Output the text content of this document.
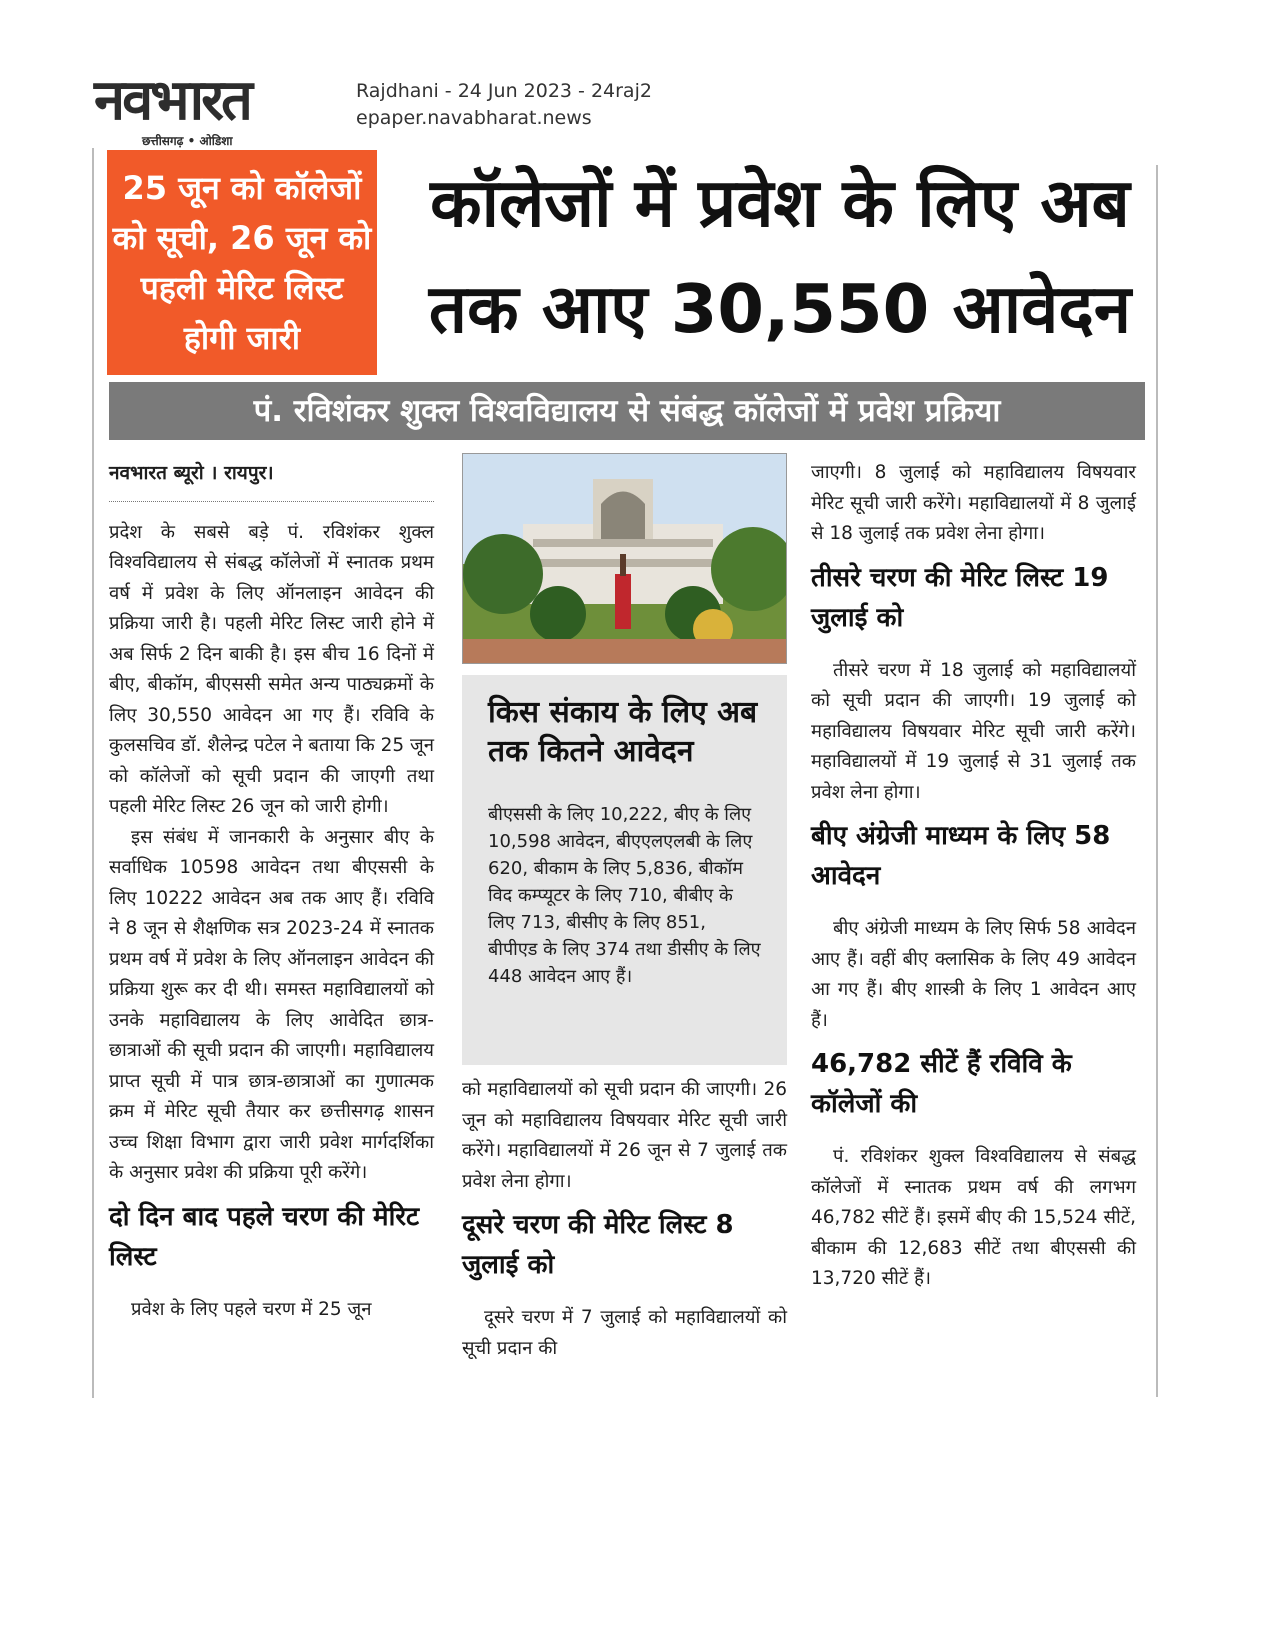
नवभारत
छत्तीसगढ़ • ओडिशा
Rajdhani - 24 Jun 2023 - 24raj2
epaper.navabharat.news
25 जून को कॉलेजों को सूची, 26 जून को पहली मेरिट लिस्ट होगी जारी
कॉलेजों में प्रवेश के लिए अब
तक आए 30,550 आवेदन
पं. रविशंकर शुक्ल विश्वविद्यालय से संबंद्ध कॉलेजों में प्रवेश प्रक्रिया

नवभारत ब्यूरो । रायपुर।

प्रदेश के सबसे बड़े पं. रविशंकर शुक्ल विश्वविद्यालय से संबद्ध कॉलेजों में स्नातक प्रथम वर्ष में प्रवेश के लिए ऑनलाइन आवेदन की प्रक्रिया जारी है। पहली मेरिट लिस्ट जारी होने में अब सिर्फ 2 दिन बाकी है। इस बीच 16 दिनों में बीए, बीकॉम, बीएससी समेत अन्य पाठ्यक्रमों के लिए 30,550 आवेदन आ गए हैं। रविवि के कुलसचिव डॉ. शैलेन्द्र पटेल ने बताया कि 25 जून को कॉलेजों को सूची प्रदान की जाएगी तथा पहली मेरिट लिस्ट 26 जून को जारी होगी।

इस संबंध में जानकारी के अनुसार बीए के सर्वाधिक 10598 आवेदन तथा बीएससी के लिए 10222 आवेदन अब तक आए हैं। रविवि ने 8 जून से शैक्षणिक सत्र 2023-24 में स्नातक प्रथम वर्ष में प्रवेश के लिए ऑनलाइन आवेदन की प्रक्रिया शुरू कर दी थी। समस्त महाविद्यालयों को उनके महाविद्यालय के लिए आवेदित छात्र-छात्राओं की सूची प्रदान की जाएगी। महाविद्यालय प्राप्त सूची में पात्र छात्र-छात्राओं का गुणात्मक क्रम में मेरिट सूची तैयार कर छत्तीसगढ़ शासन उच्च शिक्षा विभाग द्वारा जारी प्रवेश मार्गदर्शिका के अनुसार प्रवेश की प्रक्रिया पूरी करेंगे।

दो दिन बाद पहले चरण की मेरिट लिस्ट

प्रवेश के लिए पहले चरण में 25 जून

किस संकाय के लिए अब तक कितने आवेदन
बीएससी के लिए 10,222, बीए के लिए 10,598 आवेदन, बीएएलएलबी के लिए 620, बीकाम के लिए 5,836, बीकॉम विद कम्प्यूटर के लिए 710, बीबीए के लिए 713, बीसीए के लिए 851, बीपीएड के लिए 374 तथा डीसीए के लिए 448 आवेदन आए हैं।

को महाविद्यालयों को सूची प्रदान की जाएगी। 26 जून को महाविद्यालय विषयवार मेरिट सूची जारी करेंगे। महाविद्यालयों में 26 जून से 7 जुलाई तक प्रवेश लेना होगा।

दूसरे चरण की मेरिट लिस्ट 8 जुलाई को

दूसरे चरण में 7 जुलाई को महाविद्यालयों को सूची प्रदान की

जाएगी। 8 जुलाई को महाविद्यालय विषयवार मेरिट सूची जारी करेंगे। महाविद्यालयों में 8 जुलाई से 18 जुलाई तक प्रवेश लेना होगा।

तीसरे चरण की मेरिट लिस्ट 19 जुलाई को

तीसरे चरण में 18 जुलाई को महाविद्यालयों को सूची प्रदान की जाएगी। 19 जुलाई को महाविद्यालय विषयवार मेरिट सूची जारी करेंगे। महाविद्यालयों में 19 जुलाई से 31 जुलाई तक प्रवेश लेना होगा।

बीए अंग्रेजी माध्यम के लिए 58 आवेदन

बीए अंग्रेजी माध्यम के लिए सिर्फ 58 आवेदन आए हैं। वहीं बीए क्लासिक के लिए 49 आवेदन आ गए हैं। बीए शास्त्री के लिए 1 आवेदन आए हैं।

46,782 सीटें हैं रविवि के कॉलेजों की

पं. रविशंकर शुक्ल विश्वविद्यालय से संबद्ध कॉलेजों में स्नातक प्रथम वर्ष की लगभग 46,782 सीटें हैं। इसमें बीए की 15,524 सीटें, बीकाम की 12,683 सीटें तथा बीएससी की 13,720 सीटें हैं।
